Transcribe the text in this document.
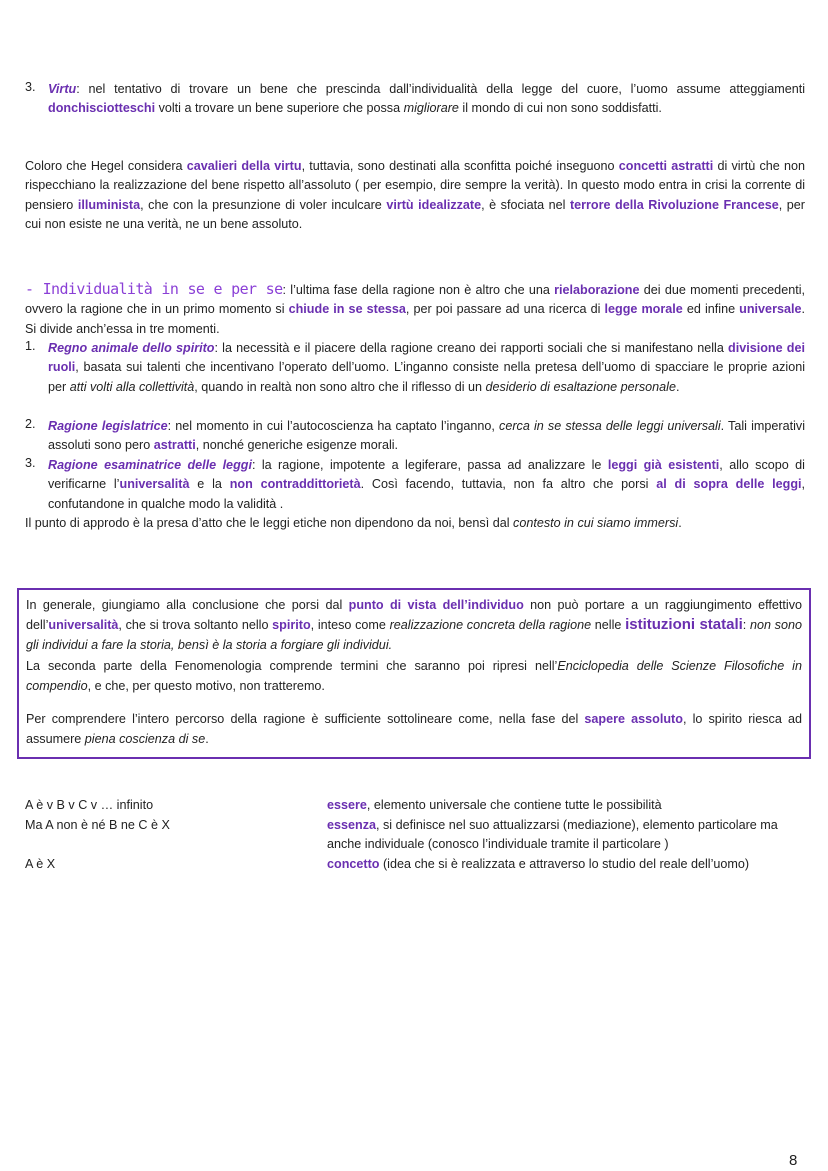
3. Virtu: nel tentativo di trovare un bene che prescinda dall’individualità della legge del cuore, l’uomo assume atteggiamenti donchisciotteschi volti a trovare un bene superiore che possa migliorare il mondo di cui non sono soddisfatti.

Coloro che Hegel considera cavalieri della virtu, tuttavia, sono destinati alla sconfitta poiché inseguono concetti astratti di virtù che non rispecchiano la realizzazione del bene rispetto all’assoluto ( per esempio, dire sempre la verità). In questo modo entra in crisi la corrente di pensiero illuminista, che con la presunzione di voler inculcare virtù idealizzate, è sfociata nel terrore della Rivoluzione Francese, per cui non esiste ne una verità, ne un bene assoluto.

- Individualità in se e per se: l’ultima fase della ragione non è altro che una rielaborazione dei due momenti precedenti, ovvero la ragione che in un primo momento si chiude in se stessa, per poi passare ad una ricerca di legge morale ed infine universale. Si divide anch’essa in tre momenti.

1. Regno animale dello spirito: la necessità e il piacere della ragione creano dei rapporti sociali che si manifestano nella divisione dei ruoli, basata sui talenti che incentivano l’operato dell’uomo. L’inganno consiste nella pretesa dell’uomo di spacciare le proprie azioni per atti volti alla collettività, quando in realtà non sono altro che il riflesso di un desiderio di esaltazione personale.

2. Ragione legislatrice: nel momento in cui l’autocoscienza ha captato l’inganno, cerca in se stessa delle leggi universali. Tali imperativi assoluti sono pero astratti, nonché generiche esigenze morali.

3. Ragione esaminatrice delle leggi: la ragione, impotente a legiferare, passa ad analizzare le leggi già esistenti, allo scopo di verificarne l’universalità e la non contraddittorietà. Così facendo, tuttavia, non fa altro che porsi al di sopra delle leggi, confutandone in qualche modo la validità .

Il punto di approdo è la presa d’atto che le leggi etiche non dipendono da noi, bensì dal contesto in cui siamo immersi.

In generale, giungiamo alla conclusione che porsi dal punto di vista dell’individuo non può portare a un raggiungimento effettivo dell’universalità, che si trova soltanto nello spirito, inteso come realizzazione concreta della ragione nelle istituzioni statali: non sono gli individui a fare la storia, bensì è la storia a forgiare gli individui.

La seconda parte della Fenomenologia comprende termini che saranno poi ripresi nell’Enciclopedia delle Scienze Filosofiche in compendio, e che, per questo motivo, non tratteremo.

Per comprendere l’intero percorso della ragione è sufficiente sottolineare come, nella fase del sapere assoluto, lo spirito riesca ad assumere piena coscienza di se.

A è v B v C v … infinito	essere, elemento universale che contiene tutte le possibilità
Ma A non è né B ne C è X	essenza, si definisce nel suo attualizzarsi (mediazione), elemento particolare ma anche individuale (conosco l’individuale tramite il particolare )
A è X	concetto (idea che si è realizzata e attraverso lo studio del reale dell’uomo)
8
